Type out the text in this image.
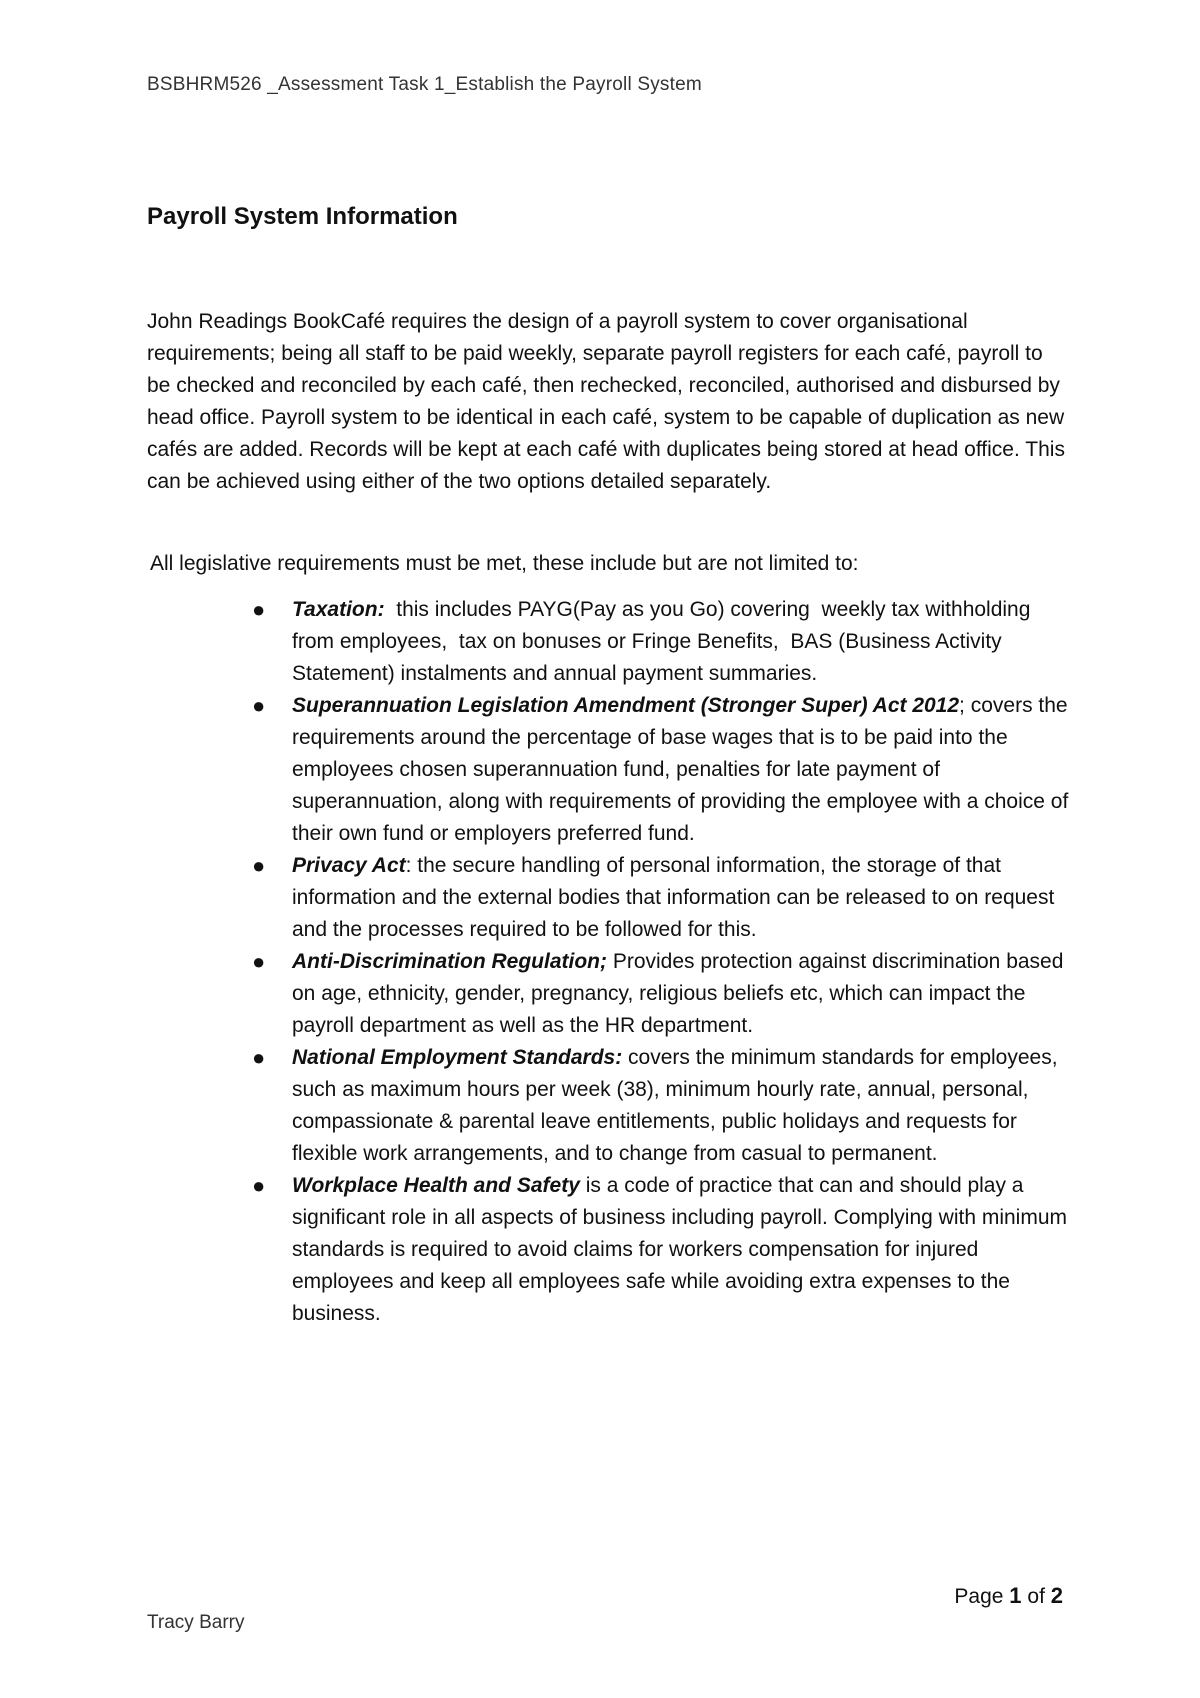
BSBHRM526 _Assessment Task 1_Establish the Payroll System
Payroll System Information

John Readings BookCafé requires the design of a payroll system to cover organisational requirements; being all staff to be paid weekly, separate payroll registers for each café, payroll to be checked and reconciled by each café, then rechecked, reconciled, authorised and disbursed by head office. Payroll system to be identical in each café, system to be capable of duplication as new cafés are added. Records will be kept at each café with duplicates being stored at head office. This can be achieved using either of the two options detailed separately.

All legislative requirements must be met, these include but are not limited to:

●	Taxation:  this includes PAYG(Pay as you Go) covering  weekly tax withholding from employees,  tax on bonuses or Fringe Benefits,  BAS (Business Activity Statement) instalments and annual payment summaries.
●	Superannuation Legislation Amendment (Stronger Super) Act 2012; covers the requirements around the percentage of base wages that is to be paid into the employees chosen superannuation fund, penalties for late payment of superannuation, along with requirements of providing the employee with a choice of their own fund or employers preferred fund.
●	Privacy Act: the secure handling of personal information, the storage of that information and the external bodies that information can be released to on request and the processes required to be followed for this.
●	Anti-Discrimination Regulation; Provides protection against discrimination based on age, ethnicity, gender, pregnancy, religious beliefs etc, which can impact the payroll department as well as the HR department.
●	National Employment Standards: covers the minimum standards for employees, such as maximum hours per week (38), minimum hourly rate, annual, personal, compassionate & parental leave entitlements, public holidays and requests for flexible work arrangements, and to change from casual to permanent.
●	Workplace Health and Safety is a code of practice that can and should play a significant role in all aspects of business including payroll. Complying with minimum standards is required to avoid claims for workers compensation for injured employees and keep all employees safe while avoiding extra expenses to the business.
Page 1 of 2
Tracy Barry
